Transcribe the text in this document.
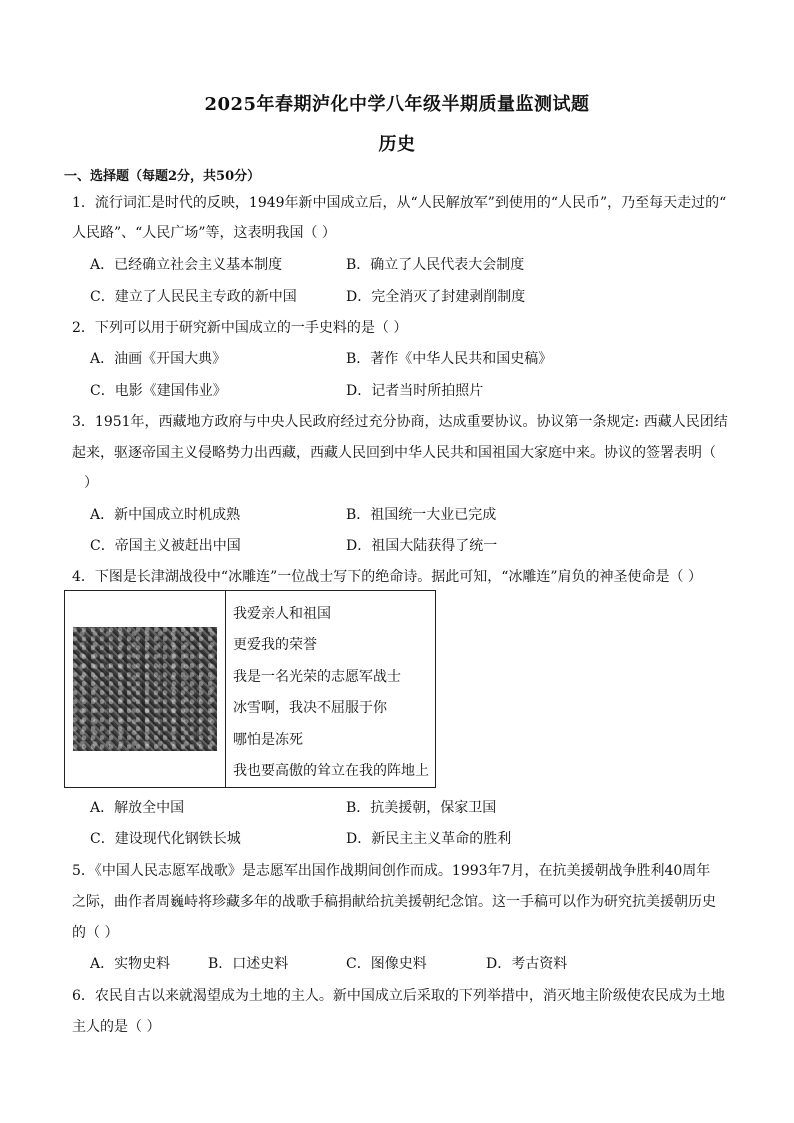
2025年春期泸化中学八年级半期质量监测试题
历史
一、选择题（每题2分，共50分）
1．流行词汇是时代的反映，1949年新中国成立后，从“人民解放军”到使用的“人民币”，乃至每天走过的“
人民路”、“人民广场”等，这表明我国（ ）
A．已经确立社会主义基本制度	B．确立了人民代表大会制度
C．建立了人民民主专政的新中国	D．完全消灭了封建剥削制度
2．下列可以用于研究新中国成立的一手史料的是（ ）
A．油画《开国大典》	B．著作《中华人民共和国史稿》
C．电影《建国伟业》	D．记者当时所拍照片
3．1951年，西藏地方政府与中央人民政府经过充分协商，达成重要协议。协议第一条规定: 西藏人民团结
起来，驱逐帝国主义侵略势力出西藏，西藏人民回到中华人民共和国祖国大家庭中来。协议的签署表明（
）
A．新中国成立时机成熟	B．祖国统一大业已完成
C．帝国主义被赶出中国	D．祖国大陆获得了统一
4．下图是长津湖战役中“冰雕连”一位战士写下的绝命诗。据此可知，“冰雕连”肩负的神圣使命是（ ）
我爱亲人和祖国
更爱我的荣誉
我是一名光荣的志愿军战士
冰雪啊，我决不屈服于你
哪怕是冻死
我也要高傲的耸立在我的阵地上
A．解放全中国	B．抗美援朝，保家卫国
C．建设现代化钢铁长城	D．新民主主义革命的胜利
5．《中国人民志愿军战歌》是志愿军出国作战期间创作而成。1993年7月，在抗美援朝战争胜利40周年
之际，曲作者周巍峙将珍藏多年的战歌手稿捐献给抗美援朝纪念馆。这一手稿可以作为研究抗美援朝历史
的（ ）
A．实物史料	B．口述史料	C．图像史料	D．考古资料
6．农民自古以来就渴望成为土地的主人。新中国成立后采取的下列举措中，消灭地主阶级使农民成为土地
主人的是（ ）
